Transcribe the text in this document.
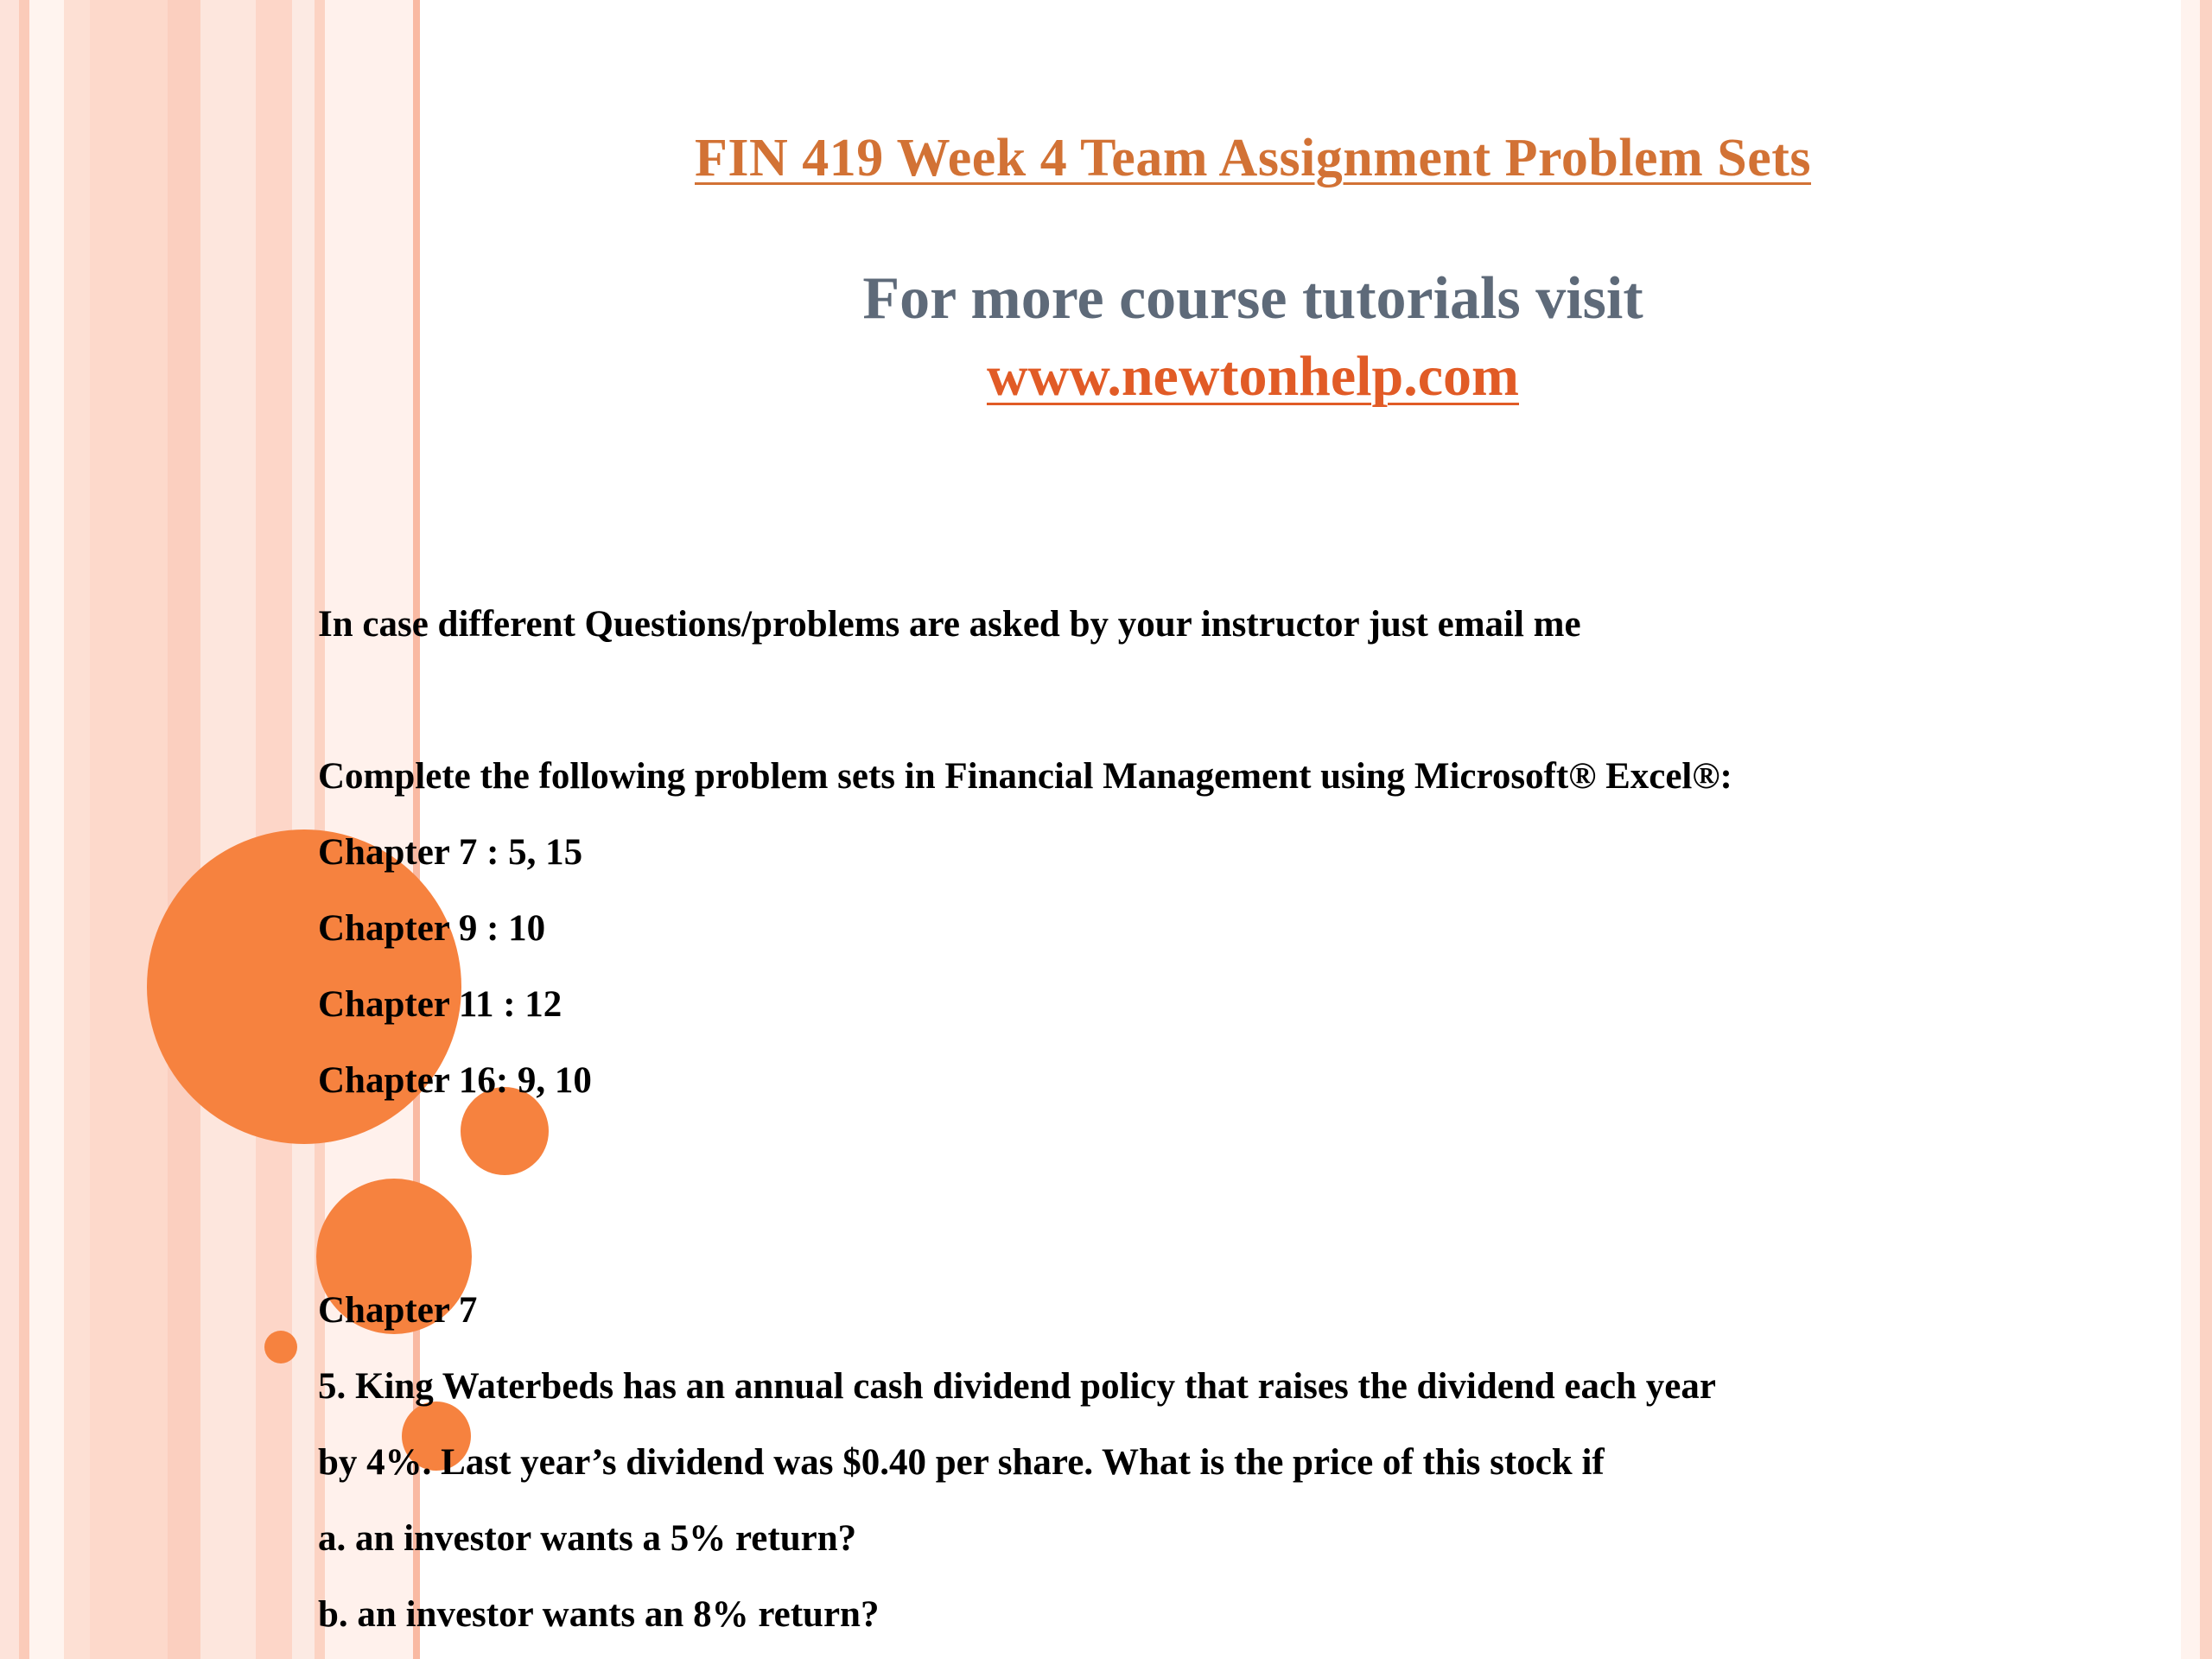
FIN 419 Week 4 Team Assignment Problem Sets
For more course tutorials visit
www.newtonhelp.com
In case different Questions/problems are asked by your instructor just email me
Complete the following problem sets in Financial Management using Microsoft® Excel®:
Chapter 7 : 5, 15
Chapter 9 : 10
Chapter 11 : 12
Chapter 16: 9, 10
Chapter 7
5. King Waterbeds has an annual cash dividend policy that raises the dividend each year
by 4%. Last year’s dividend was $0.40 per share. What is the price of this stock if
a. an investor wants a 5% return?
b. an investor wants an 8% return?
